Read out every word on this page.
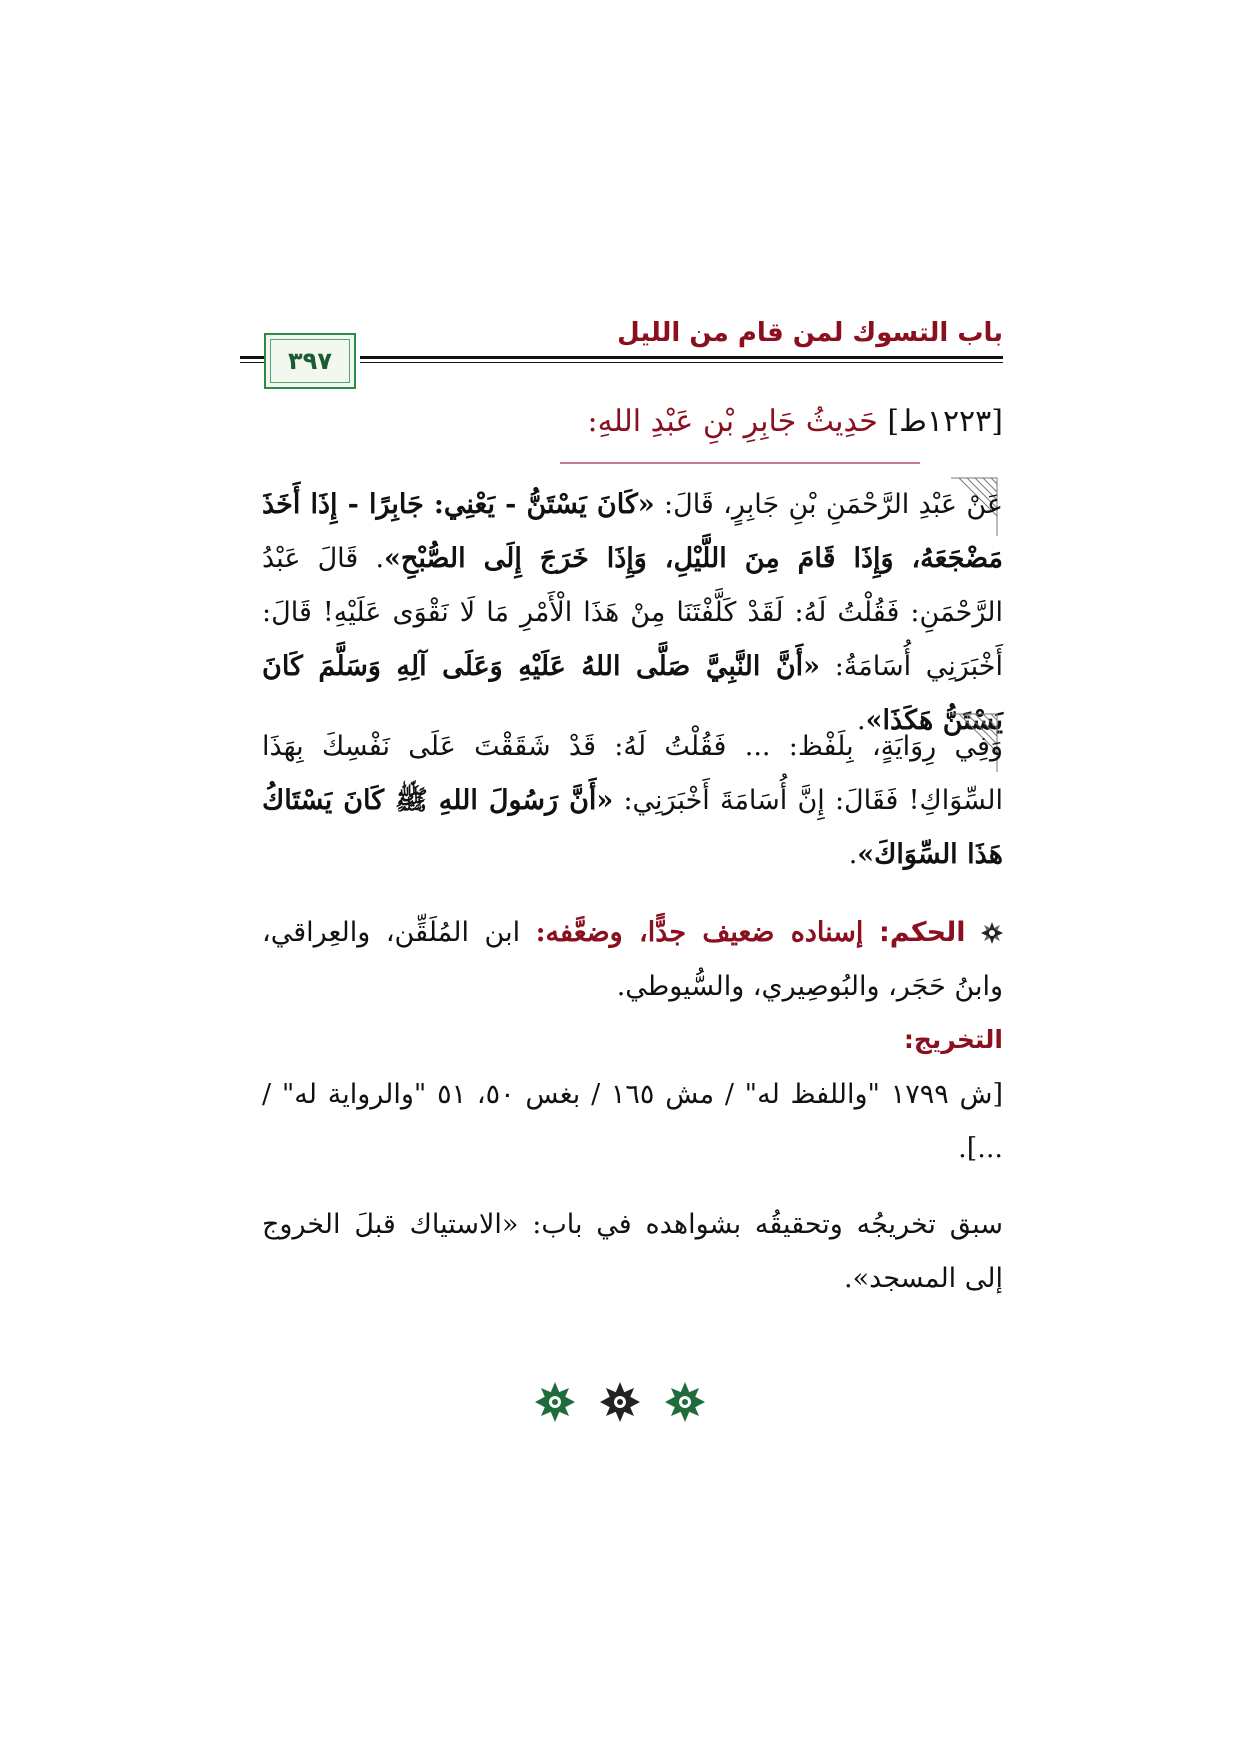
باب التسوك لمن قام من الليل
٣٩٧
[١٢٢٣ط] حَدِيثُ جَابِرِ بْنِ عَبْدِ اللهِ:
عَنْ عَبْدِ الرَّحْمَنِ بْنِ جَابِرٍ، قَالَ: «كَانَ يَسْتَنُّ - يَعْنِي: جَابِرًا - إِذَا أَخَذَ مَضْجَعَهُ، وَإِذَا قَامَ مِنَ اللَّيْلِ، وَإِذَا خَرَجَ إِلَى الصُّبْحِ». قَالَ عَبْدُ الرَّحْمَنِ: فَقُلْتُ لَهُ: لَقَدْ كَلَّفْتَنَا مِنْ هَذَا الْأَمْرِ مَا لَا نَقْوَى عَلَيْهِ! قَالَ: أَخْبَرَنِي أُسَامَةُ: «أَنَّ النَّبِيَّ صَلَّى اللهُ عَلَيْهِ وَعَلَى آلِهِ وَسَلَّمَ كَانَ يَسْتَنُّ هَكَذَا».
وَفِي رِوَايَةٍ، بِلَفْظ: ... فَقُلْتُ لَهُ: قَدْ شَقَقْتَ عَلَى نَفْسِكَ بِهَذَا السِّوَاكِ! فَقَالَ: إِنَّ أُسَامَةَ أَخْبَرَنِي: «أَنَّ رَسُولَ اللهِ ﷺ كَانَ يَسْتَاكُ هَذَا السِّوَاكَ».
الحكم: إسناده ضعيف جدًّا، وضعَّفه: ابن المُلَقِّن، والعِراقي، وابنُ حَجَر، والبُوصِيري، والسُّيوطي.
التخريج:
[ش ١٧٩٩ "واللفظ له" / مش ١٦٥ / بغس ٥٠، ٥١ "والرواية له" / ...].
سبق تخريجُه وتحقيقُه بشواهده في باب: «الاستياك قبلَ الخروج إلى المسجد».
